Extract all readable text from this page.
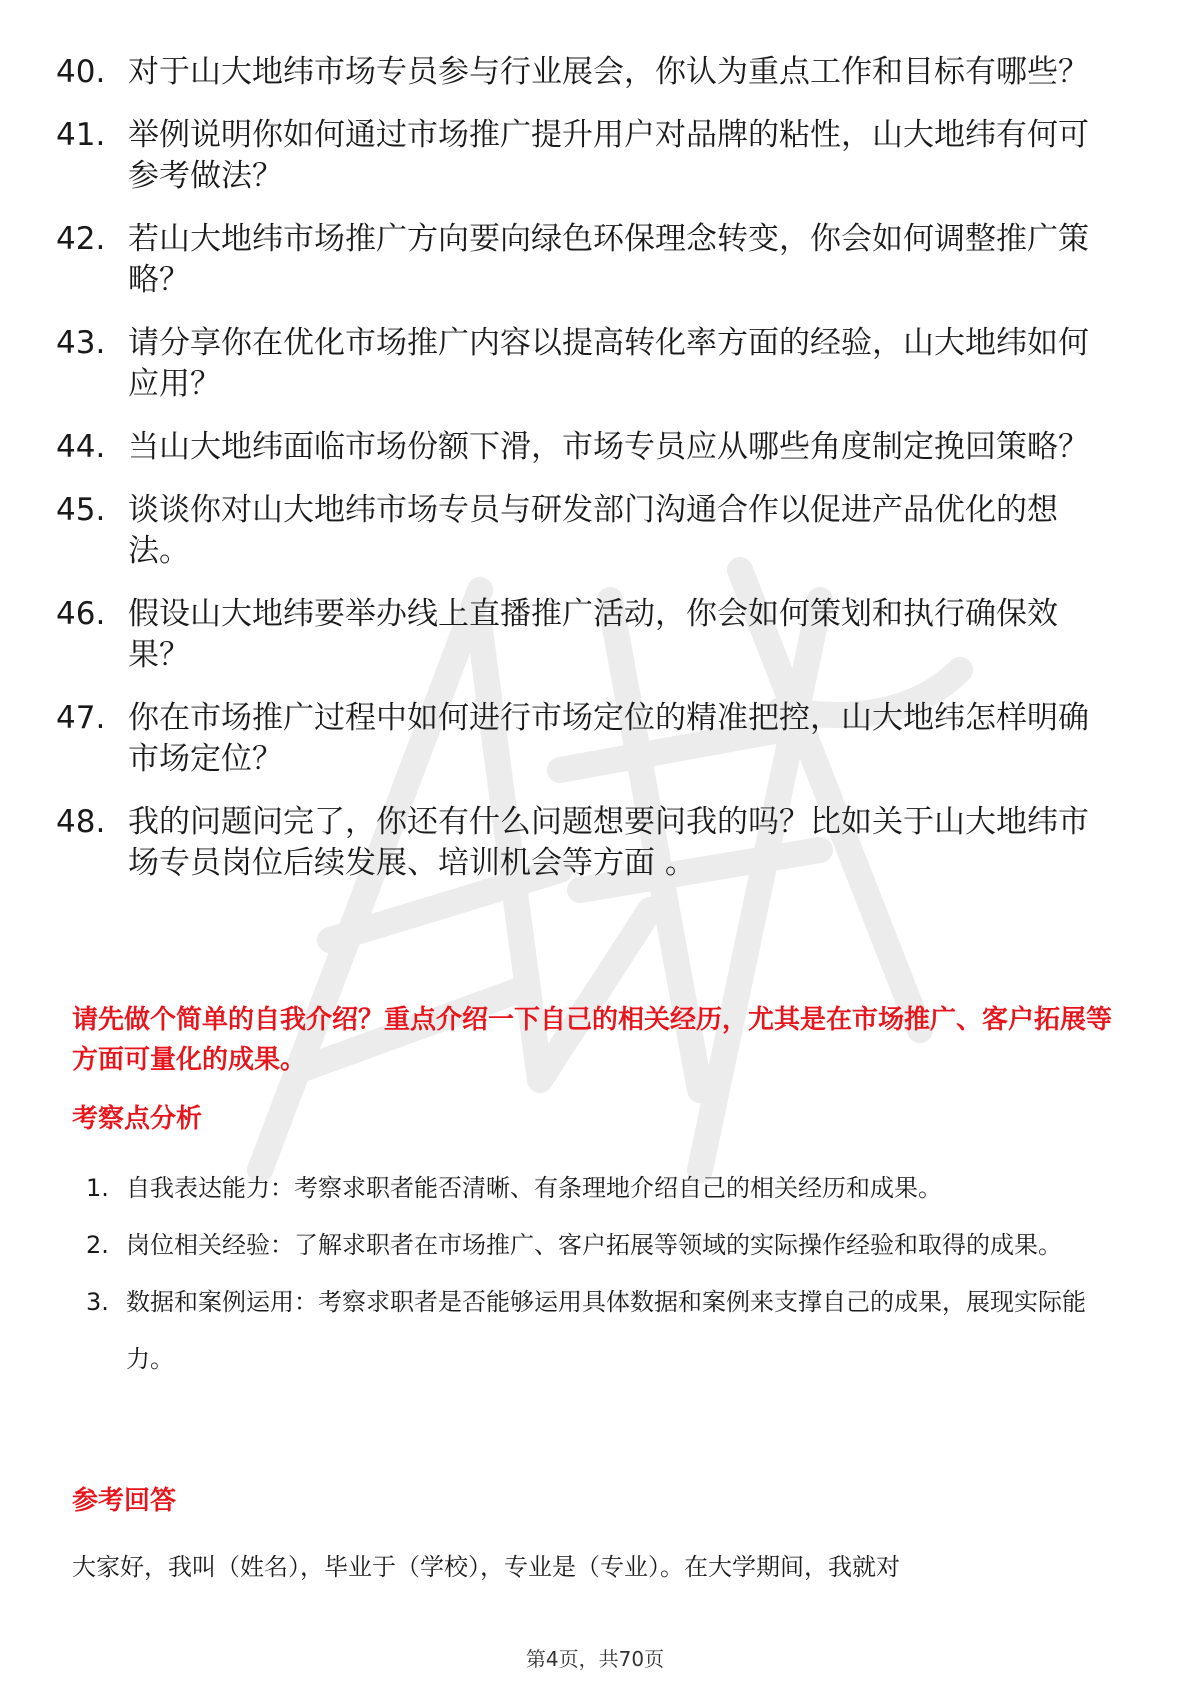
40. 对于山大地纬市场专员参与行业展会，你认为重点工作和目标有哪些？
41. 举例说明你如何通过市场推广提升用户对品牌的粘性，山大地纬有何可参考做法？
42. 若山大地纬市场推广方向要向绿色环保理念转变，你会如何调整推广策略？
43. 请分享你在优化市场推广内容以提高转化率方面的经验，山大地纬如何应用？
44. 当山大地纬面临市场份额下滑，市场专员应从哪些角度制定挽回策略？
45. 谈谈你对山大地纬市场专员与研发部门沟通合作以促进产品优化的想法。
46. 假设山大地纬要举办线上直播推广活动，你会如何策划和执行确保效果？
47. 你在市场推广过程中如何进行市场定位的精准把控，山大地纬怎样明确市场定位？
48. 我的问题问完了，你还有什么问题想要问我的吗？比如关于山大地纬市场专员岗位后续发展、培训机会等方面 。
请先做个简单的自我介绍？重点介绍一下自己的相关经历，尤其是在市场推广、客户拓展等方面可量化的成果。
考察点分析
1. 自我表达能力：考察求职者能否清晰、有条理地介绍自己的相关经历和成果。
2. 岗位相关经验：了解求职者在市场推广、客户拓展等领域的实际操作经验和取得的成果。
3. 数据和案例运用：考察求职者是否能够运用具体数据和案例来支撑自己的成果，展现实际能力。
参考回答
大家好，我叫（姓名），毕业于（学校），专业是（专业）。在大学期间，我就对
第4页，共70页
